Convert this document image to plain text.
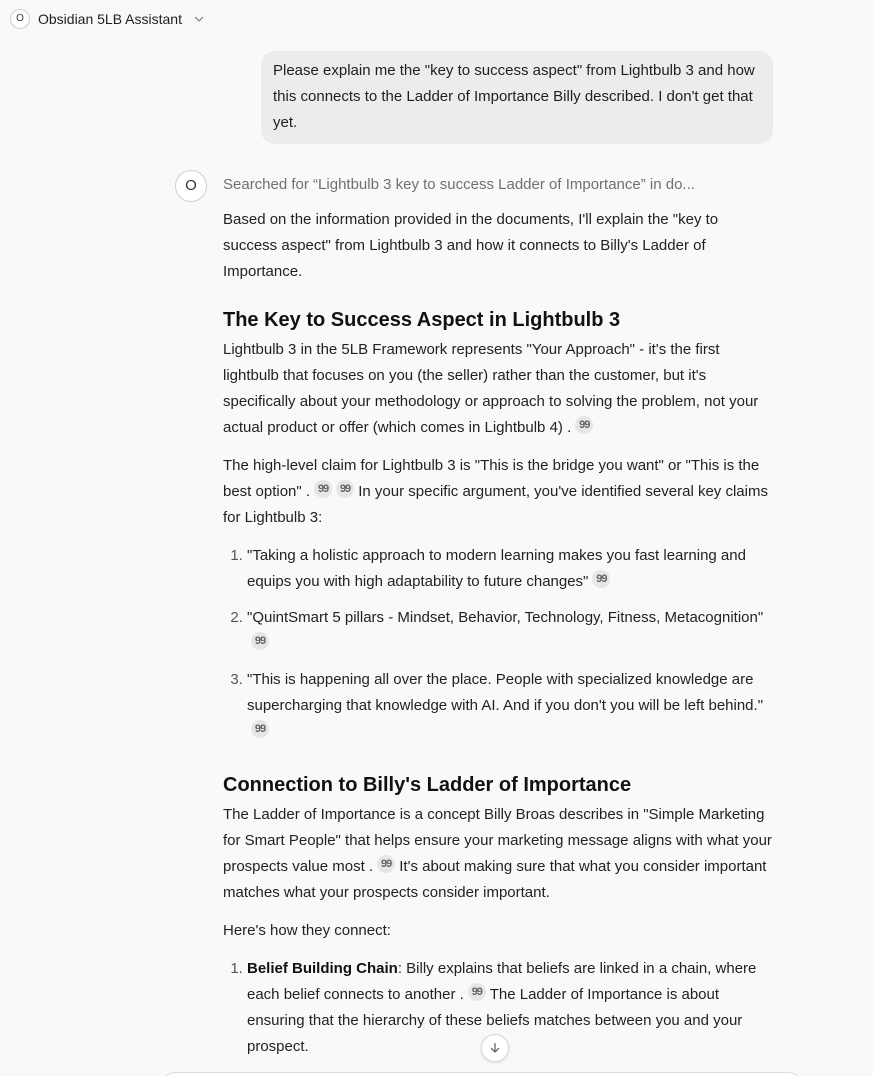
O	Obsidian 5LB Assistant
Please explain me the "key to success aspect" from Lightbulb 3 and how this connects to the Ladder of Importance Billy described. I don't get that yet.
O	Searched for “Lightbulb 3 key to success Ladder of Importance” in do...

Based on the information provided in the documents, I'll explain the "key to success aspect" from Lightbulb 3 and how it connects to Billy's Ladder of Importance.

The Key to Success Aspect in Lightbulb 3

Lightbulb 3 in the 5LB Framework represents "Your Approach" - it's the first lightbulb that focuses on you (the seller) rather than the customer, but it's specifically about your methodology or approach to solving the problem, not your actual product or offer (which comes in Lightbulb 4) . 99

The high-level claim for Lightbulb 3 is "This is the bridge you want" or "This is the best option" . 99 99 In your specific argument, you've identified several key claims for Lightbulb 3:

1. "Taking a holistic approach to modern learning makes you fast learning and equips you with high adaptability to future changes" 99
2. "QuintSmart 5 pillars - Mindset, Behavior, Technology, Fitness, Metacognition"99
3. "This is happening all over the place. People with specialized knowledge are supercharging that knowledge with AI. And if you don't you will be left behind."99
Connection to Billy's Ladder of Importance

The Ladder of Importance is a concept Billy Broas describes in "Simple Marketing for Smart People" that helps ensure your marketing message aligns with what your prospects value most . 99 It's about making sure that what you consider important matches what your prospects consider important.

Here's how they connect:

1. Belief Building Chain: Billy explains that beliefs are linked in a chain, where each belief connects to another . 99 The Ladder of Importance is about ensuring that the hierarchy of these beliefs matches between you and your prospect.
